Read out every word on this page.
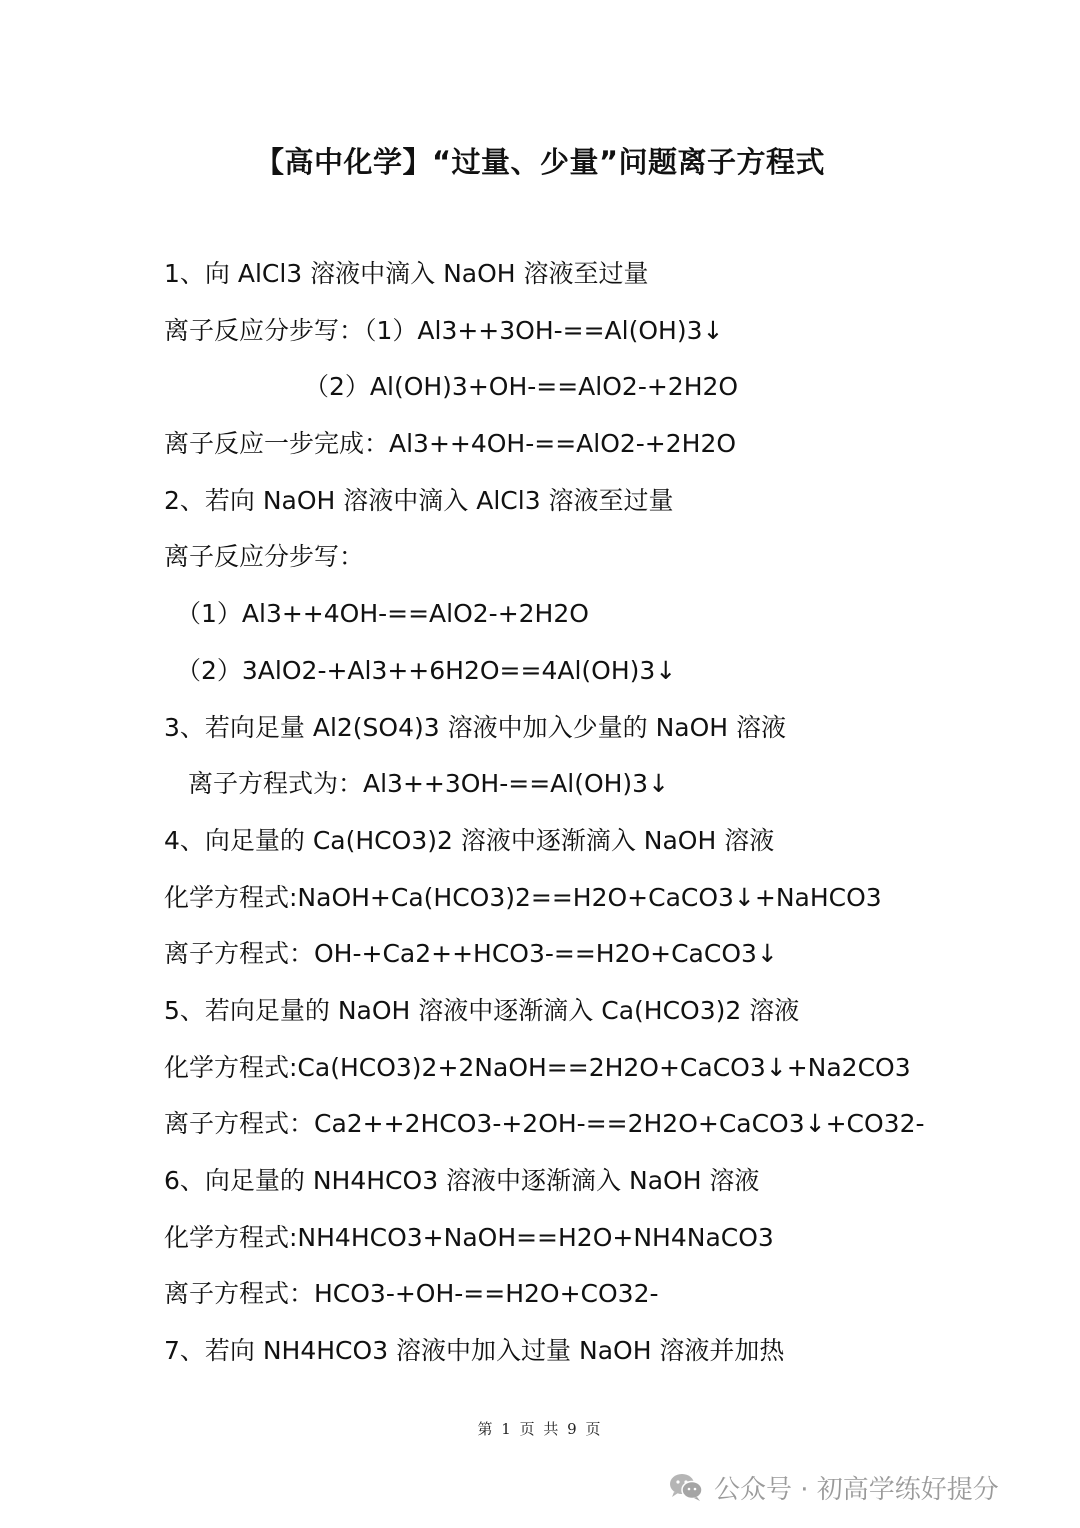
【高中化学】“过量、少量”问题离子方程式
1、向 AlCl3 溶液中滴入 NaOH 溶液至过量
离子反应分步写：（1）Al3++3OH-==Al(OH)3↓
（2）Al(OH)3+OH-==AlO2-+2H2O
离子反应一步完成：Al3++4OH-==AlO2-+2H2O
2、若向 NaOH 溶液中滴入 AlCl3 溶液至过量
离子反应分步写：
（1）Al3++4OH-==AlO2-+2H2O
（2）3AlO2-+Al3++6H2O==4Al(OH)3↓
3、若向足量 Al2(SO4)3 溶液中加入少量的 NaOH 溶液
离子方程式为：Al3++3OH-==Al(OH)3↓
4、向足量的 Ca(HCO3)2 溶液中逐渐滴入 NaOH 溶液
化学方程式:NaOH+Ca(HCO3)2==H2O+CaCO3↓+NaHCO3
离子方程式：OH-+Ca2++HCO3-==H2O+CaCO3↓
5、若向足量的 NaOH 溶液中逐渐滴入 Ca(HCO3)2 溶液
化学方程式:Ca(HCO3)2+2NaOH==2H2O+CaCO3↓+Na2CO3
离子方程式：Ca2++2HCO3-+2OH-==2H2O+CaCO3↓+CO32-
6、向足量的 NH4HCO3 溶液中逐渐滴入 NaOH 溶液
化学方程式:NH4HCO3+NaOH==H2O+NH4NaCO3
离子方程式：HCO3-+OH-==H2O+CO32-
7、若向 NH4HCO3 溶液中加入过量 NaOH 溶液并加热
第 1 页 共 9 页
公众号 · 初高学练好提分
